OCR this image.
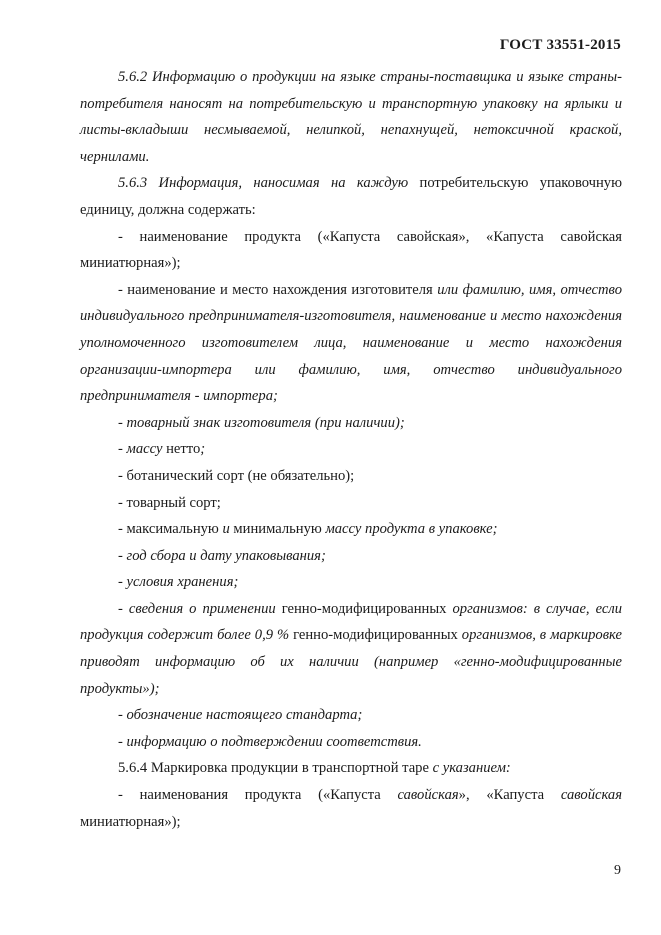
ГОСТ 33551-2015

5.6.2 Информацию о продукции на языке страны-поставщика и языке страны-потребителя наносят на потребительскую и транспортную упаковку на ярлыки и листы-вкладыши несмываемой, нелипкой, непахнущей, нетоксичной краской, чернилами.

5.6.3 Информация, наносимая на каждую потребительскую упаковочную единицу, должна содержать:

- наименование продукта («Капуста савойская», «Капуста савойская миниатюрная»);

- наименование и место нахождения изготовителя или фамилию, имя, отчество индивидуального предпринимателя-изготовителя, наименование и место нахождения уполномоченного изготовителем лица, наименование и место нахождения организации-импортера или фамилию, имя, отчество индивидуального предпринимателя - импортера;

- товарный знак изготовителя (при наличии);

- массу нетто;

- ботанический сорт (не обязательно);

- товарный сорт;

- максимальную и минимальную массу продукта в упаковке;

- год сбора и дату упаковывания;

- условия хранения;

- сведения о применении генно-модифицированных организмов: в случае, если продукция содержит более 0,9 % генно-модифицированных организмов, в маркировке приводят информацию об их наличии (например «генно-модифицированные продукты»);

- обозначение настоящего стандарта;

- информацию о подтверждении соответствия.

5.6.4 Маркировка продукции в транспортной таре с указанием:

- наименования продукта («Капуста савойская», «Капуста савойская миниатюрная»);

9
